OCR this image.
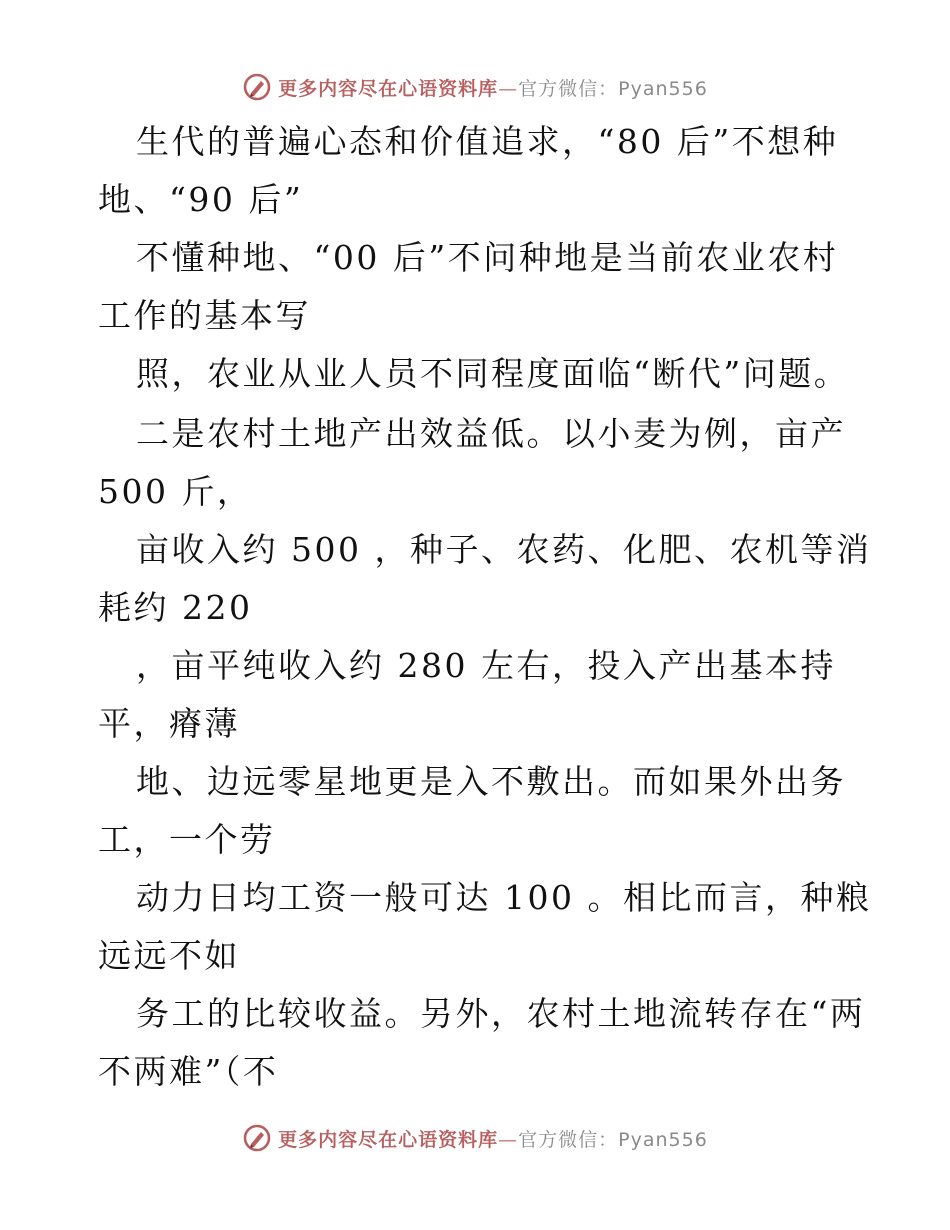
更多内容尽在心语资料库—官方微信：Pyan556
生代的普遍心态和价值追求，“80 后”不想种
地、“90 后”
不懂种地、“00 后”不问种地是当前农业农村
工作的基本写
照，农业从业人员不同程度面临“断代”问题。
二是农村土地产出效益低。以小麦为例，亩产
500 斤，
亩收入约 500 ，种子、农药、化肥、农机等消
耗约 220
，亩平纯收入约 280 左右，投入产出基本持
平，瘠薄
地、边远零星地更是入不敷出。而如果外出务
工，一个劳
动力日均工资一般可达 100 。相比而言，种粮
远远不如
务工的比较收益。另外，农村土地流转存在“两
不两难”（不
更多内容尽在心语资料库—官方微信：Pyan556
